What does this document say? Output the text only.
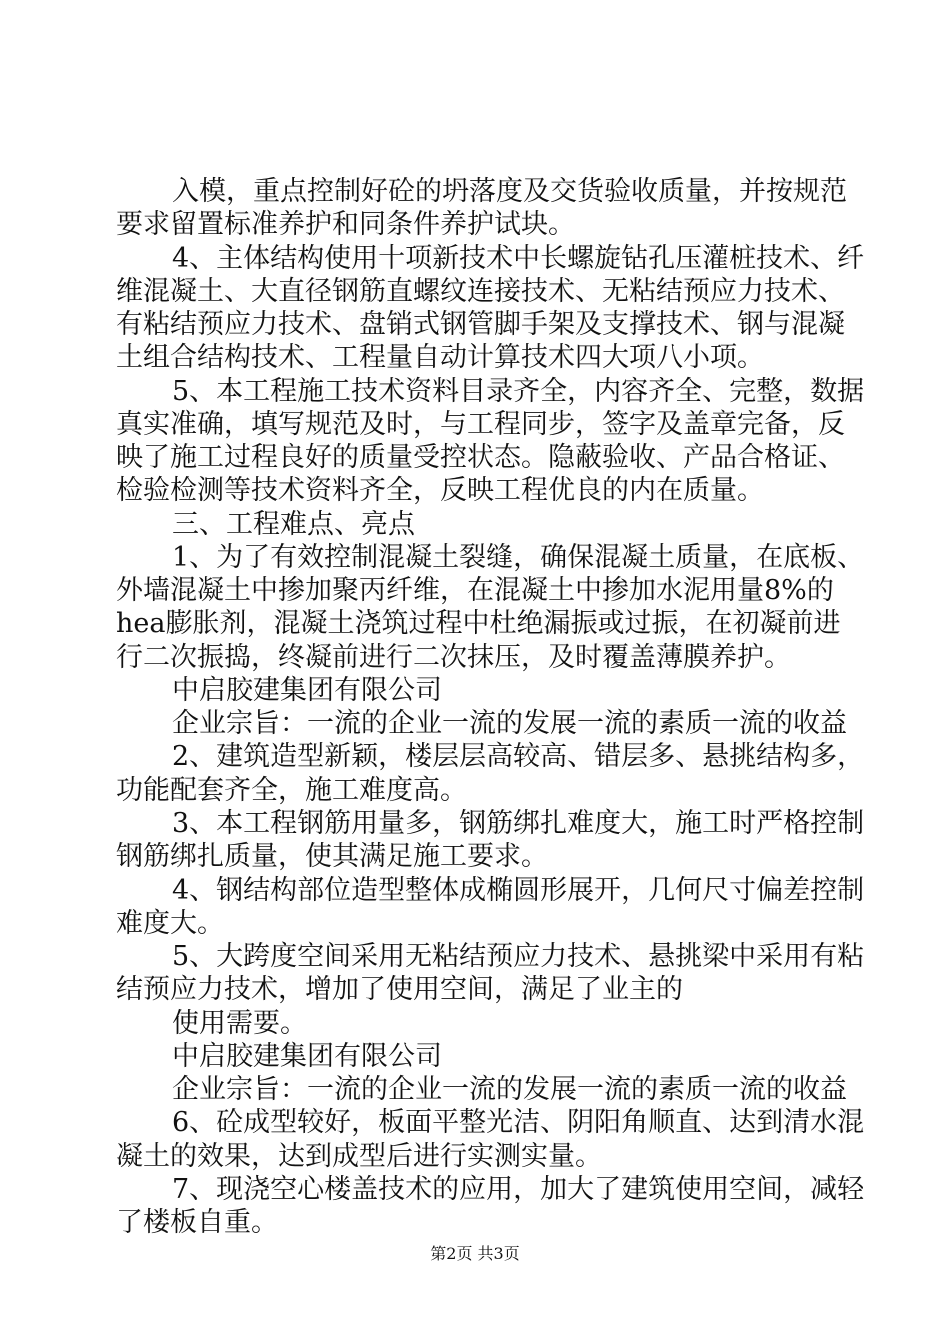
入模，重点控制好砼的坍落度及交货验收质量，并按规范
要求留置标准养护和同条件养护试块。
4、主体结构使用十项新技术中长螺旋钻孔压灌桩技术、纤
维混凝土、大直径钢筋直螺纹连接技术、无粘结预应力技术、
有粘结预应力技术、盘销式钢管脚手架及支撑技术、钢与混凝
土组合结构技术、工程量自动计算技术四大项八小项。
5、本工程施工技术资料目录齐全，内容齐全、完整，数据
真实准确，填写规范及时，与工程同步，签字及盖章完备，反
映了施工过程良好的质量受控状态。隐蔽验收、产品合格证、
检验检测等技术资料齐全，反映工程优良的内在质量。
三、工程难点、亮点
1、为了有效控制混凝土裂缝，确保混凝土质量，在底板、
外墙混凝土中掺加聚丙纤维，在混凝土中掺加水泥用量8%的
hea膨胀剂，混凝土浇筑过程中杜绝漏振或过振，在初凝前进
行二次振捣，终凝前进行二次抹压，及时覆盖薄膜养护。
中启胶建集团有限公司
企业宗旨：一流的企业一流的发展一流的素质一流的收益
2、建筑造型新颖，楼层层高较高、错层多、悬挑结构多，
功能配套齐全，施工难度高。
3、本工程钢筋用量多，钢筋绑扎难度大，施工时严格控制
钢筋绑扎质量，使其满足施工要求。
4、钢结构部位造型整体成椭圆形展开，几何尺寸偏差控制
难度大。
5、大跨度空间采用无粘结预应力技术、悬挑梁中采用有粘
结预应力技术，增加了使用空间，满足了业主的
使用需要。
中启胶建集团有限公司
企业宗旨：一流的企业一流的发展一流的素质一流的收益
6、砼成型较好，板面平整光洁、阴阳角顺直、达到清水混
凝土的效果，达到成型后进行实测实量。
7、现浇空心楼盖技术的应用，加大了建筑使用空间，减轻
了楼板自重。
第2页 共3页
